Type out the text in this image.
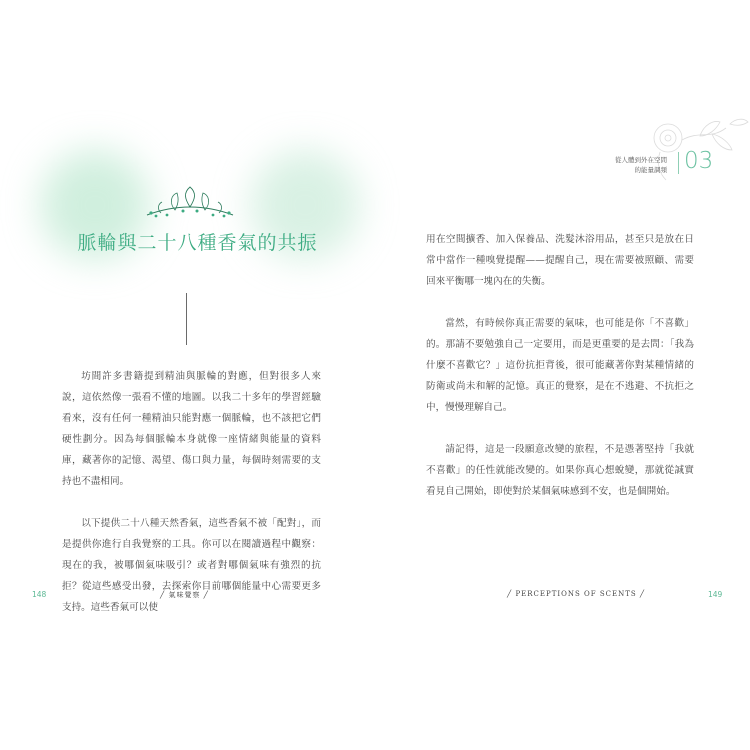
脈輪與二十八種香氣的共振

坊間許多書籍提到精油與脈輪的對應，但對很多人來說，這依然像一張看不懂的地圖。以我二十多年的學習經驗看來，沒有任何一種精油只能對應一個脈輪，也不該把它們硬性劃分。因為每個脈輪本身就像一座情緒與能量的資料庫，藏著你的記憶、渴望、傷口與力量，每個時刻需要的支持也不盡相同。

以下提供二十八種天然香氣，這些香氣不被「配對」，而是提供你進行自我覺察的工具。你可以在閱讀過程中觀察：現在的我，被哪個氣味吸引？或者對哪個氣味有強烈的抗拒？從這些感受出發，去探索你目前哪個能量中心需要更多支持。這些香氣可以使

148	╱ 氣味覺察 ╱
從人體到外在空間
的能量調頻 03

用在空間擴香、加入保養品、洗髮沐浴用品，甚至只是放在日常中當作一種嗅覺提醒——提醒自己，現在需要被照顧、需要回來平衡哪一塊內在的失衡。

當然，有時候你真正需要的氣味，也可能是你「不喜歡」的。那請不要勉強自己一定要用，而是更重要的是去問：「我為什麼不喜歡它？」這份抗拒背後，很可能藏著你對某種情緒的防衛或尚未和解的記憶。真正的覺察，是在不逃避、不抗拒之中，慢慢理解自己。

請記得，這是一段願意改變的旅程，不是憑著堅持「我就不喜歡」的任性就能改變的。如果你真心想蛻變，那就從誠實看見自己開始，即使對於某個氣味感到不安，也是個開始。

╱ PERCEPTIONS OF SCENTS ╱	149
